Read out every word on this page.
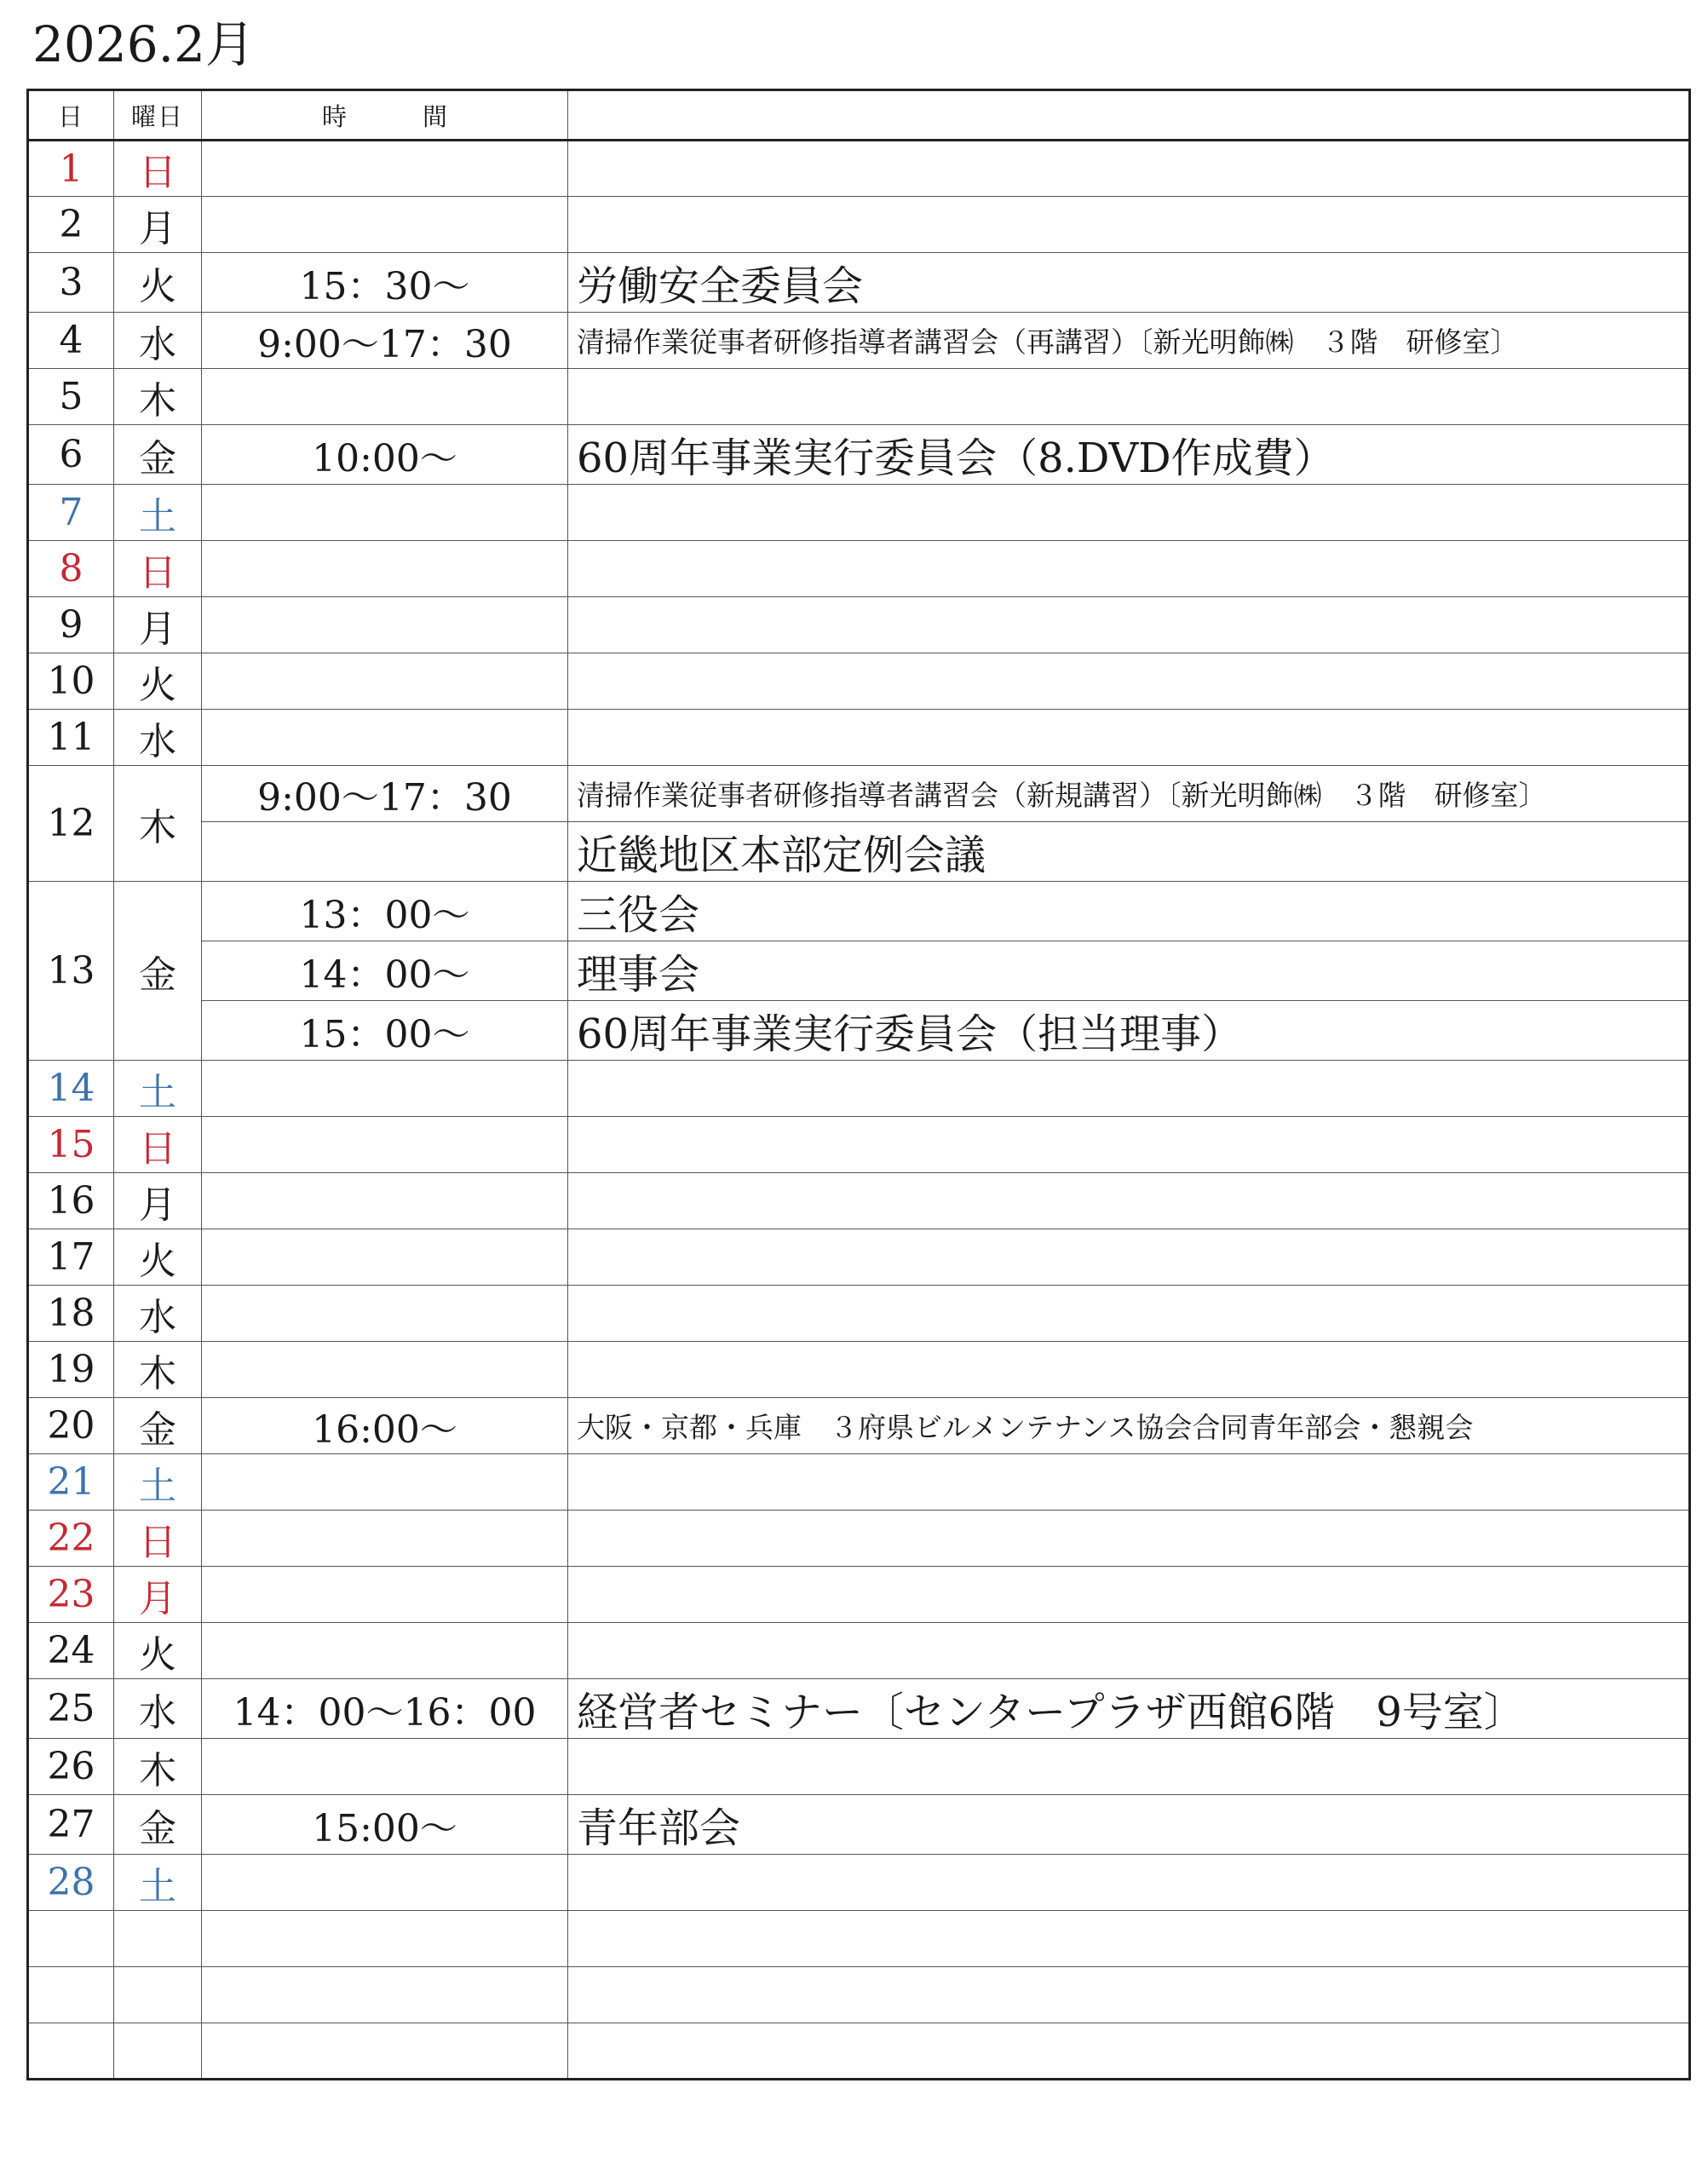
2026.2月
日	曜日	時　間	
1	日		
2	月		
3	火	15：30～	労働安全委員会
4	水	9:00～17：30	清掃作業従事者研修指導者講習会（再講習）〔新光明飾㈱　３階　研修室〕
5	木		
6	金	10:00～	60周年事業実行委員会（8.DVD作成費）
7	土		
8	日		
9	月		
10	火		
11	水		
12	木	9:00～17：30	清掃作業従事者研修指導者講習会（新規講習）〔新光明飾㈱　３階　研修室〕
			近畿地区本部定例会議
13	金	13：00～	三役会
		14：00～	理事会
		15：00～	60周年事業実行委員会（担当理事）
14	土		
15	日		
16	月		
17	火		
18	水		
19	木		
20	金	16:00～	大阪・京都・兵庫　３府県ビルメンテナンス協会合同青年部会・懇親会
21	土		
22	日		
23	月		
24	火		
25	水	14：00～16：00	経営者セミナー〔センタープラザ西館6階　9号室〕
26	木		
27	金	15:00～	青年部会
28	土		
